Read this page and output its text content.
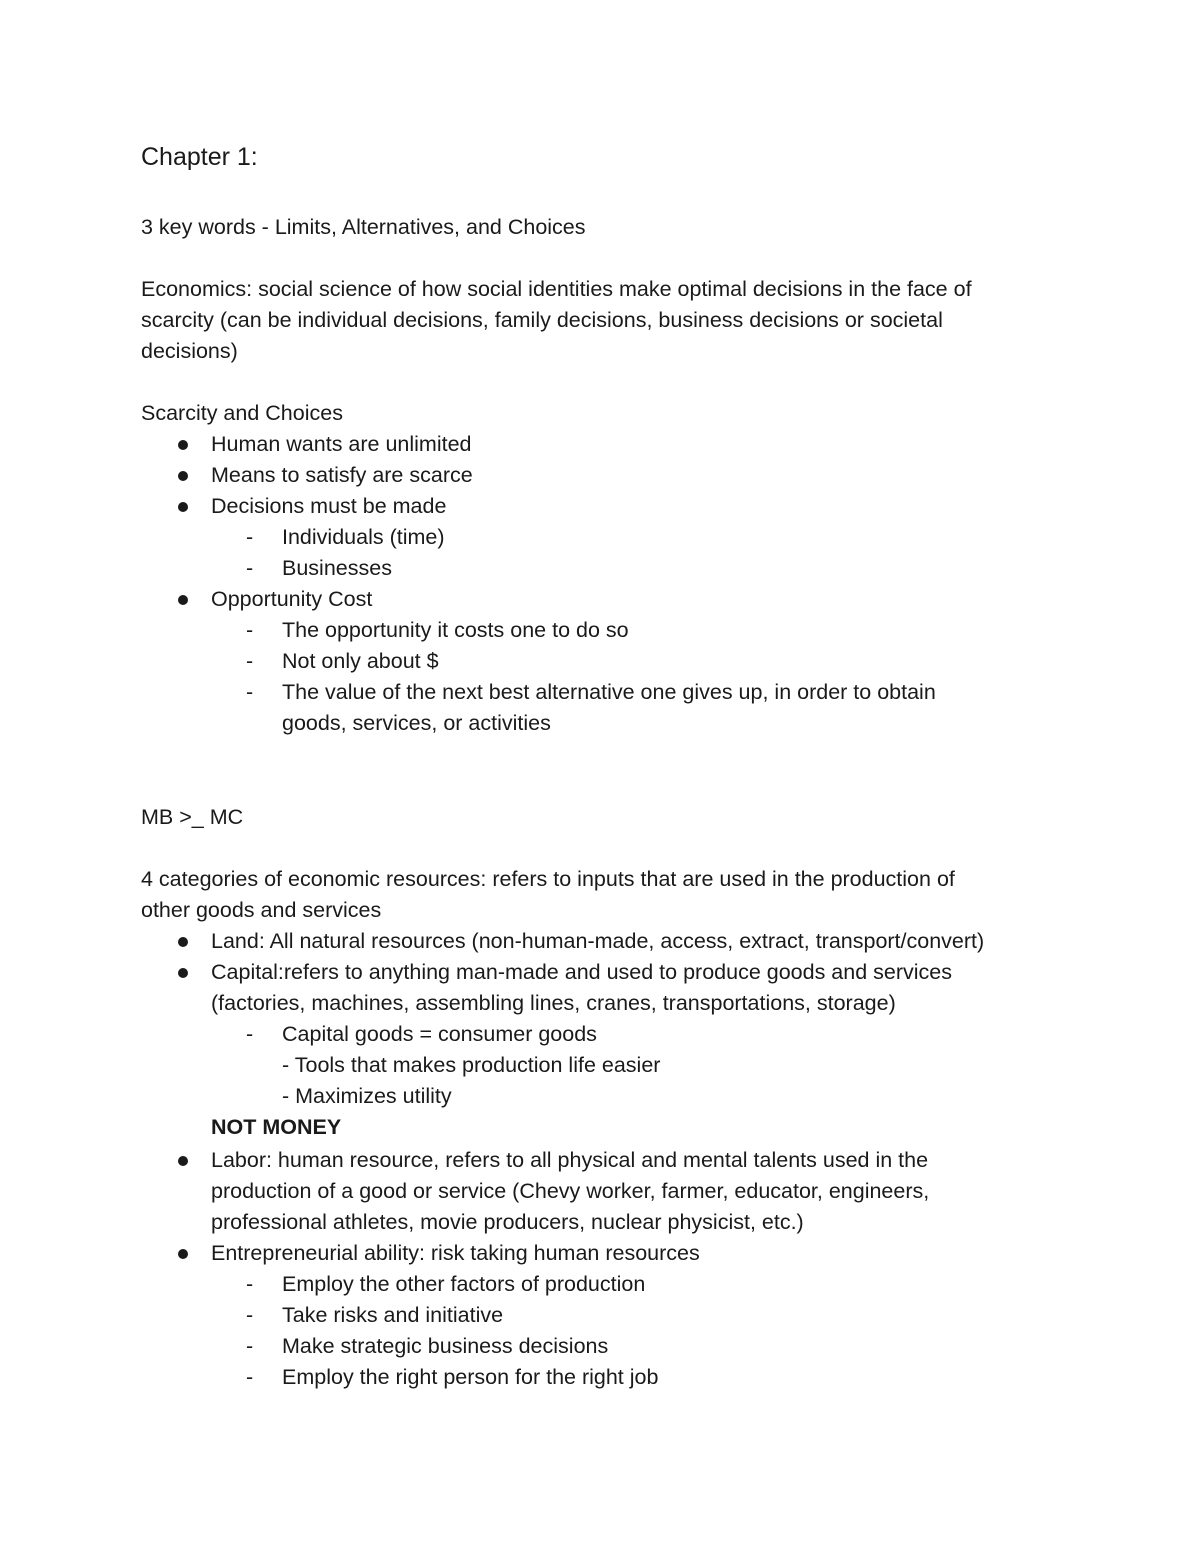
Chapter 1:
3 key words - Limits, Alternatives, and Choices
Economics: social science of how social identities make optimal decisions in the face of
scarcity (can be individual decisions, family decisions, business decisions or societal
decisions)
Scarcity and Choices
Human wants are unlimited
Means to satisfy are scarce
Decisions must be made
- Individuals (time)
- Businesses
Opportunity Cost
- The opportunity it costs one to do so
- Not only about $
- The value of the next best alternative one gives up, in order to obtain
goods, services, or activities
MB >_ MC
4 categories of economic resources: refers to inputs that are used in the production of
other goods and services
Land: All natural resources (non-human-made, access, extract, transport/convert)
Capital:refers to anything man-made and used to produce goods and services
(factories, machines, assembling lines, cranes, transportations, storage)
- Capital goods = consumer goods
- Tools that makes production life easier
- Maximizes utility
NOT MONEY
Labor: human resource, refers to all physical and mental talents used in the
production of a good or service (Chevy worker, farmer, educator, engineers,
professional athletes, movie producers, nuclear physicist, etc.)
Entrepreneurial ability: risk taking human resources
- Employ the other factors of production
- Take risks and initiative
- Make strategic business decisions
- Employ the right person for the right job
